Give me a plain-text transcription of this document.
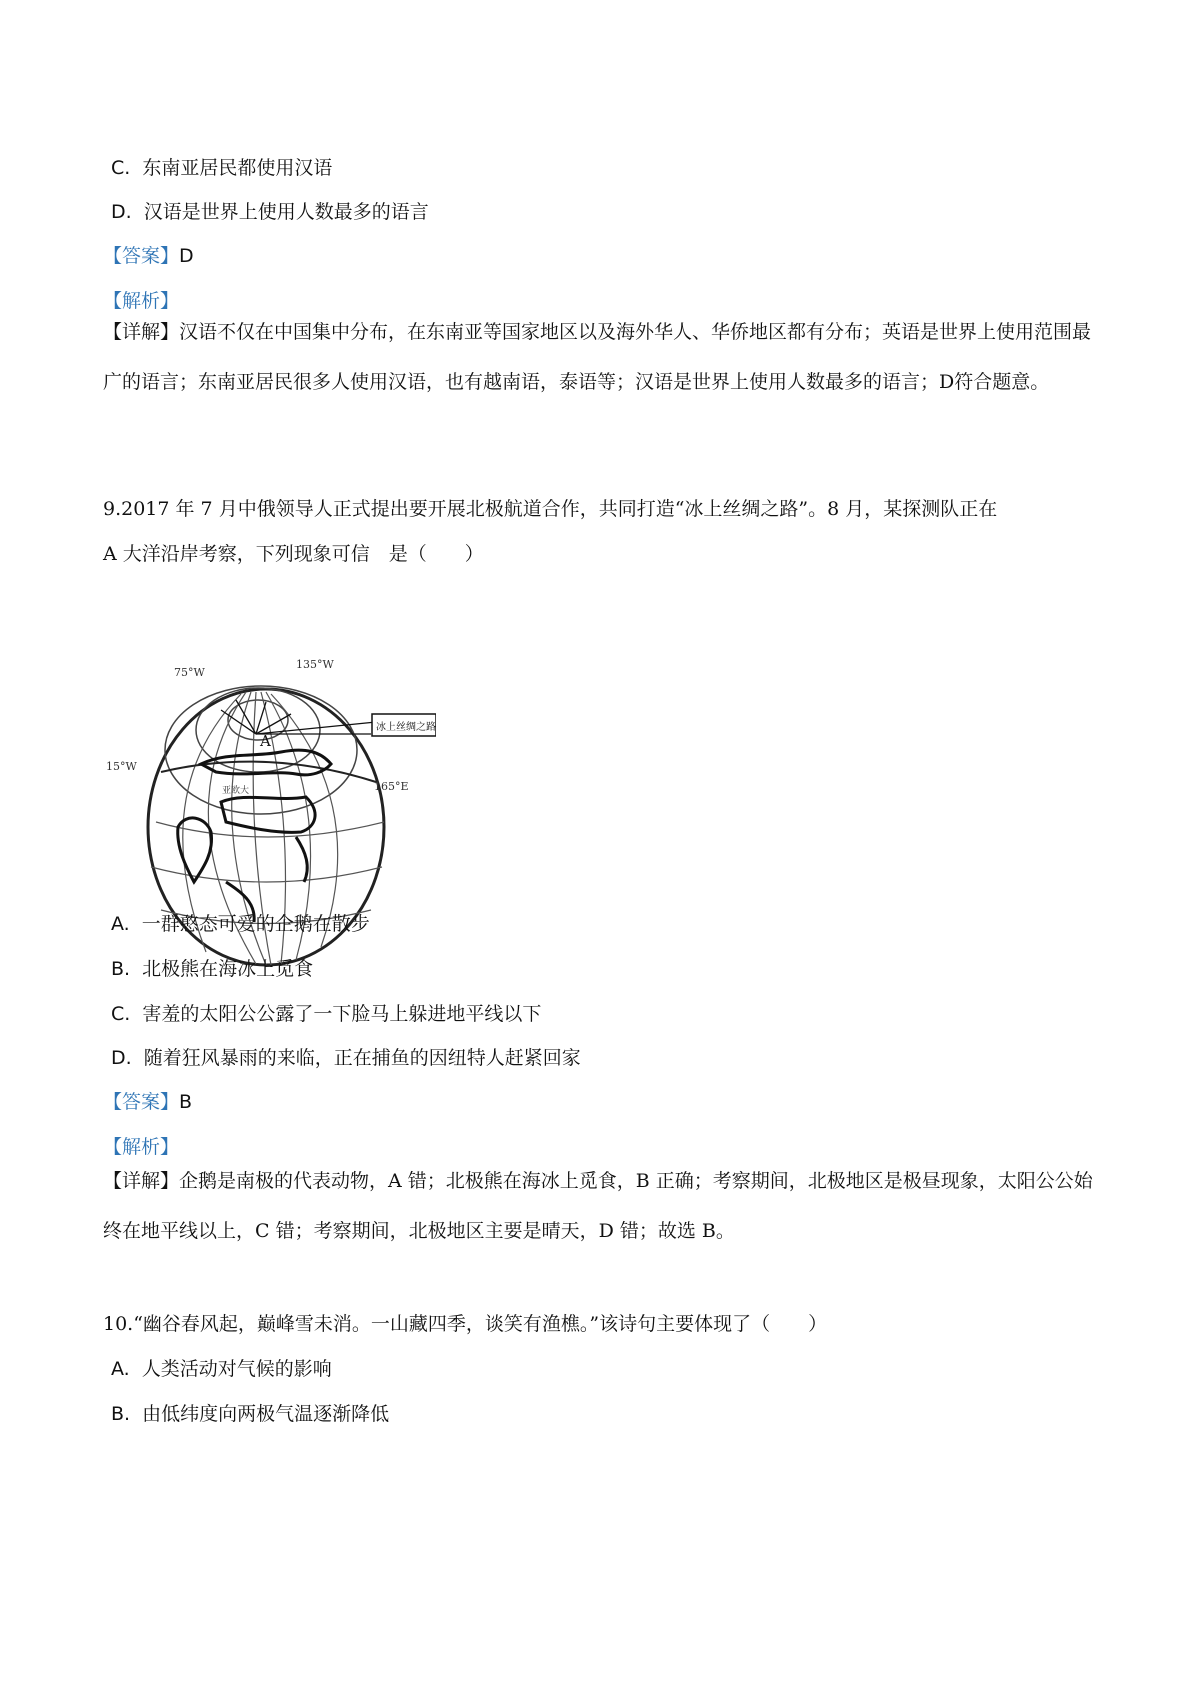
C. 东南亚居民都使用汉语
D. 汉语是世界上使用人数最多的语言
【答案】D
【解析】
【详解】汉语不仅在中国集中分布，在东南亚等国家地区以及海外华人、华侨地区都有分布；英语是世界上使用范围最广的语言；东南亚居民很多人使用汉语，也有越南语，泰语等；汉语是世界上使用人数最多的语言；D符合题意。
9.2017 年 7 月中俄领导人正式提出要开展北极航道合作，共同打造“冰上丝绸之路”。8 月，某探测队正在
A 大洋沿岸考察，下列现象可信　是（　　）
A
冰上丝绸之路
75°W
135°W
15°W
165°E
亚欧大
A. 一群憨态可爱的企鹅在散步
B. 北极熊在海冰上觅食
C. 害羞的太阳公公露了一下脸马上躲进地平线以下
D. 随着狂风暴雨的来临，正在捕鱼的因纽特人赶紧回家
【答案】B
【解析】
【详解】企鹅是南极的代表动物，A 错；北极熊在海冰上觅食，B 正确；考察期间，北极地区是极昼现象，太阳公公始终在地平线以上，C 错；考察期间，北极地区主要是晴天，D 错；故选 B。
10.“幽谷春风起，巅峰雪未消。一山藏四季，谈笑有渔樵。”该诗句主要体现了（　　）
A. 人类活动对气候的影响
B. 由低纬度向两极气温逐渐降低
